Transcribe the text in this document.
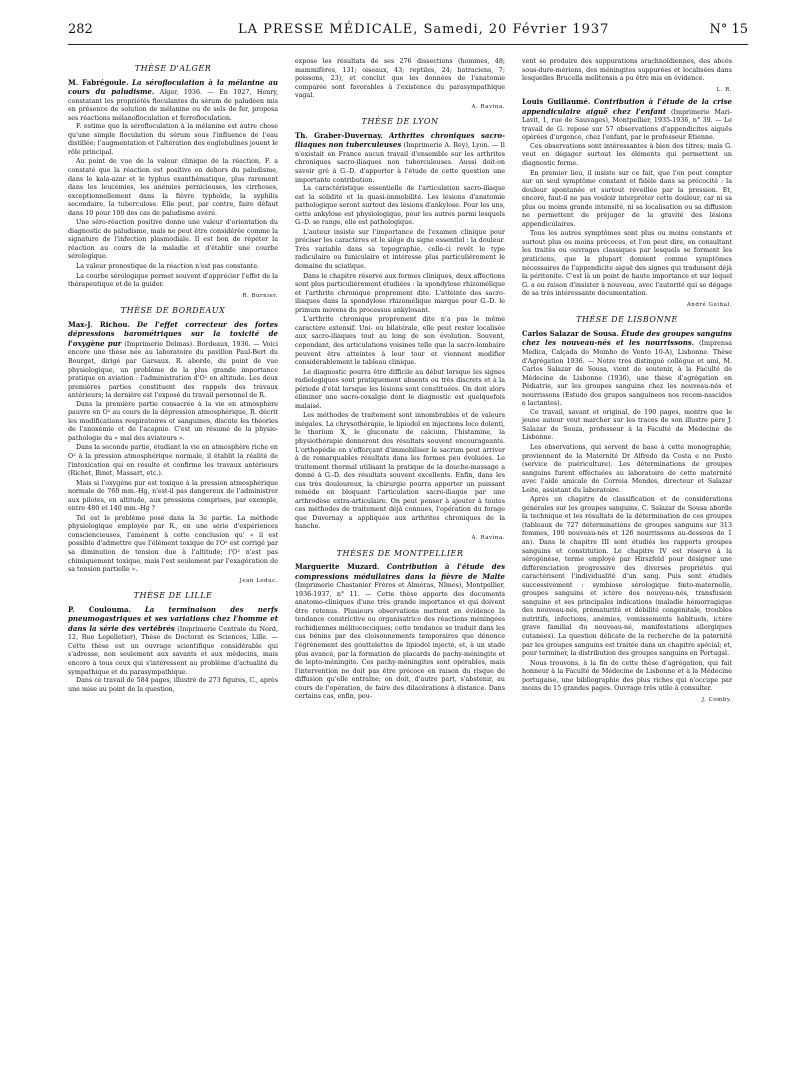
282	LA PRESSE MÉDICALE, Samedi, 20 Février 1937	N° 15
THÈSE D'ALGER

M. Fabrégoule. La sérofloculation à la mélanine au cours du paludisme. Alger, 1936. — En 1927, Henry, constatant les propriétés floculantes du sérum de paludéen mis en présence de solution de mélanine ou de sels de fer, proposa ses réactions mélanofloculation et ferrofloculation.

F. estime que la sérofloculation à la mélanine est autre chose qu'une simple floculation du sérum sous l'influence de l'eau distillée; l'augmentation et l'altération des euglobulines jouent le rôle principal.

Au point de vue de la valeur clinique de la réaction, F. a constaté que la réaction est positive en dehors du paludisme, dans le kala-azar et le typhus exanthématique, plus rarement dans les leucémies, les anémies pernicieuses, les cirrhoses, exceptionnellement dans la fièvre typhoïde, la syphilis secondaire, la tuberculose. Elle peut, par contre, faire défaut dans 10 pour 100 des cas de paludisme avéré.

Une séro-réaction positive donne une valeur d'orientation du diagnostic de paludisme, mais ne peut être considérée comme la signature de l'infection plasmodiale. Il est bon de répéter la réaction au cours de la maladie et d'établir une courbe sérologique.

La valeur pronostique de la réaction n'est pas constante.

La courbe sérologique permet souvent d'apprécier l'effet de la thérapeutique et de la guider.

R. Burnier.
THÈSE DE BORDEAUX

Max-J. Richou. De l'effet correcteur des fortes dépressions barométriques sur la toxicité de l'oxygène pur (Imprimerie Delmas). Bordeaux, 1936. — Voici encore une thèse née au laboratoire du pavillon Paul-Bert du Bourget, dirigé par Garsaux. R. aborde, du point de vue physiologique, un problème de la plus grande importance pratique en aviation : l'administration d'O² en altitude. Les deux premières parties constituent des rappels des travaux antérieurs; la dernière est l'exposé du travail personnel de R.

Dans la première partie consacrée à la vie en atmosphère pauvre en O² au cours de la dépression atmosphérique, R. décrit les modifications respiratoires et sanguines, discute les théories de l'anoxémie et de l'acapnie. C'est un résumé de la physio-pathologie du « mal des aviateurs ».

Dans la seconde partie, étudiant la vie en atmosphère riche en O² à la pression atmosphérique normale, il établit la réalité de l'intoxication qui en résulte et confirme les travaux antérieurs (Richet, Binet, Massart, etc.).

Mais si l'oxygène pur est toxique à la pression atmosphérique normale de 760 mm.-Hg, n'est-il pas dangereux de l'administrer aux pilotes, en altitude, aux pressions comprises, par exemple, entre 480 et 140 mm.-Hg ?

Tel est le problème posé dans la 3e partie. La méthode physiologique employée par R., en une série d'expériences consciencieuses, l'amènent à cette conclusion qu' « il est possible d'admettre que l'élément toxique de l'O² est corrigé par sa diminution de tension due à l'altitude; l'O² n'est pas chimiquement toxique, mais l'est seulement par l'exagération de sa tension partielle ».

Jean Leduc.
THÈSE DE LILLE

P. Coulouma. La terminaison des nerfs pneumogastriques et ses variations chez l'homme et dans la série des vertébrés (Imprimerie Centrale du Nord, 12, Rue Lepelletier), Thèse de Doctorat ès Sciences, Lille. — Cette thèse est un ouvrage scientifique considérable qui s'adresse, non seulement aux savants et aux médecins, mais encore à tous ceux qui s'intéressent au problème d'actualité du sympathique et du parasympathique.

Dans ce travail de 584 pages, illustré de 273 figures, C., après une mise au point de la question,

expose les résultats de ses 276 dissections (hommes, 48; mammifères, 131; oiseaux, 43; reptiles, 24; batraciens, 7; poissons, 23), et conclut que les données de l'anatomie comparée sont favorables à l'existence du parasympathique vagal.

A. Ravina.
THÈSE DE LYON

Th. Graber-Duvernay. Arthrites chroniques sacro-iliaques non tuberculeuses (Imprimerie A. Rey), Lyon. — Il n'existait en France aucun travail d'ensemble sur les arthrites chroniques sacro-iliaques non tuberculeuses. Aussi doit-on savoir gré à G.-D. d'apporter à l'étude de cette question une importante contribution.

La caractéristique essentielle de l'articulation sacro-iliaque est la solidité et la quasi-immobilité. Les lésions d'anatomie pathologique seront surtout des lésions d'ankylose. Pour les uns, cette ankylose est physiologique, pour les autres parmi lesquels G.-D. se range, elle est pathologique.

L'auteur insiste sur l'importance de l'examen clinique pour préciser les caractères et le siège du signe essentiel : la douleur. Très variable dans sa topographie, celle-ci revêt le type radiculaire ou funiculaire et intéresse plus particulièrement le domaine du sciatique.

Dans le chapitre réservé aux formes cliniques, deux affections sont plus particulièrement étudiées : la spondylose rhizomélique et l'arthrite chronique proprement dite. L'atteinte des sacro-iliaques dans la spondylose rhizomélique marque pour G.-D. le primum movens du processus ankylosant.

L'arthrite chronique proprement dite n'a pas le même caractère extensif. Uni- ou bilatérale, elle peut rester localisée aux sacro-iliaques tout au long de son évolution. Souvent, cependant, des articulations voisines telle que la sacro-lombaire peuvent être atteintes à leur tour et viennent modifier considérablement le tableau clinique.

Le diagnostic pourra être difficile au début lorsque les signes radiologiques sont pratiquement absents ou très discrets et à la période d'état lorsque les lésions sont constituées. On doit alors éliminer une sacro-coxalgie dont le diagnostic est quelquefois malaisé.

Les méthodes de traitement sont innombrables et de valeurs inégales. La chrysothérapie, le lipiodol en injections loco dolenti, le thorium X, le gluconate de calcium, l'histamine, la physiothérapie donneront des résultats souvent encourageants. L'orthopédie en s'efforçant d'immobiliser le sacrum peut arriver à de remarquables résultats dans les formes peu évoluées. Le traitement thermal utilisant la pratique de la douche-massage a donné à G.-D. des résultats souvent excellents. Enfin, dans les cas très douloureux, la chirurgie pourra apporter un puissant remède en bloquant l'articulation sacro-iliaque par une arthrodèse extra-articulaire. On peut penser à ajouter à toutes ces méthodes de traitement déjà connues, l'opération du forage que Duvernay a appliquée aux arthrites chroniques de la hanche.

A. Ravina.
THÈSES DE MONTPELLIER

Marguerite Muzard. Contribution à l'étude des compressions médullaires dans la fièvre de Malte (Imprimerie Chastanier Frères et Alméras, Nîmes), Montpellier, 1936-1937, n° 11. — Cette thèse apporte des documents anatomo-cliniques d'une très grande importance et qui doivent être retenus. Plusieurs observations mettent en évidence la tendance constrictive ou organisatrice des réactions méningées rachidiennes mélitococciques; cette tendance se traduit dans les cas bénins par des cloisonnements temporaires que dénonce l'égrènement des gouttelettes de lipiodol injecté, et, à un stade plus avancé, par la formation de placards de pachy-méningite et de lepto-méningite. Ces pachy-méningites sont opérables, mais l'intervention ne doit pas être précoce en raison du risque de diffusion qu'elle entraîne; on doit, d'autre part, s'abstenir, au cours de l'opération, de faire des dilacérations à distance. Dans certains cas, enfin, peu-

vent se produire des suppurations arachnoïdiennes, des abcès sous-dure-mériens, des méningites suppurées et localisées dans lesquelles Brucella melitensis a pu être mis en évidence.

L. R.

Louis Guillaumé. Contribution à l'étude de la crise appendiculaire aiguë chez l'enfant (Imprimerie Mari-Lavit, 1, rue de Sauvages), Montpellier, 1935-1936, n° 39. — Le travail de G. repose sur 57 observations d'appendicites aiguës opérées d'urgence, chez l'enfant, par le professeur Etienne.

Ces observations sont intéressantes à bien des titres; mais G. veut en dégager surtout les éléments qui permettent un diagnostic ferme.

En premier lieu, il insiste sur ce fait, que l'on peut compter sur un seul symptôme constant et fidèle dans sa précocité : la douleur spontanée et surtout réveillée par la pression. Et, encore, faut-il ne pas vouloir interpréter cette douleur, car ni sa plus ou moins grande intensité, ni sa localisation ou sa diffusion ne permettent de préjuger de la gravité des lésions appendiculaires.

Tous les autres symptômes sont plus ou moins constants et surtout plus ou moins précoces, et l'on peut dire, en consultant les traités ou ouvrages classiques par lesquels se forment les praticiens, que la plupart donnent comme symptômes nécessaires de l'appendicite aiguë des signes qui traduisent déjà la péritonite. C'est là un point de haute importance et sur lequel G. a eu raison d'insister à nouveau, avec l'autorité qui se dégage de sa très intéressante documentation.

André Guibal.
THÈSE DE LISBONNE

Carlos Salazar de Sousa. Étude des groupes sanguins chez les nouveau-nés et les nourrissons. (Imprensa Medica, Calçada do Moinho do Vento 10-A), Lisbonne. Thèse d'Agrégation 1936. — Notre très distingué collègue et ami, M. Carlos Salazar de Sousa, vient de soutenir, à la Faculté de Médecine de Lisbonne (1936), une thèse d'agrégation en Pédiatrie, sur les groupes sanguins chez les nouveau-nés et nourrissons (Estudo dos grupos sanguíneos nos recem-nascidos e lactantes).

Ce travail, savant et original, de 190 pages, montre que le jeune auteur veut marcher sur les traces de son illustre père J. Salazar de Souza, professeur à la Faculté de Médecine de Lisbonne.

Les observations, qui servent de base à cette monographie, proviennent de la Maternité Dr Alfredo da Costa e no Posto (service de puériculture). Les déterminations de groupes sanguins furent effectuées au laboratoire de cette maternité avec l'aide amicale de Correia Mendes, directeur et Salazar Leite, assistant du laboratoire.

Après un chapitre de classification et de considérations générales sur les groupes sanguins, C. Salazar de Sousa aborde la technique et les résultats de la détermination de ces groupes (tableaux de 727 déterminations de groupes sanguins sur 313 femmes, 190 nouveau-nés et 126 nourrissons au-dessous de 1 an). Dans le chapitre III sont étudiés les rapports groupes sanguins et constitution. Le chapitre IV est réservé à la sérogénèse, terme employé par Hirszfeld pour désigner une différenciation progressive des diverses propriétés qui caractérisent l'individualité d'un sang. Puis sont étudiés successivement : symbiose sérologique fœto-maternelle, groupes sanguins et ictère des nouveau-nés, transfusion sanguine et ses principales indications (maladie hémorragique des nouveau-nés, prématurité et débilité congénitale, troubles nutritifs, infections, anémies, vomissements habituels, ictère grave familial du nouveau-né, manifestations allergiques cutanées). La question délicate de la recherche de la paternité par les groupes sanguins est traitée dans un chapitre spécial; et, pour terminer, la distribution des groupes sanguins en Portugal.

Nous trouvons, à la fin de cette thèse d'agrégation, qui fait honneur à la Faculté de Médecine de Lisbonne et à la Médecine portugaise, une bibliographie des plus riches qui n'occupe par moins de 15 grandes pages. Ouvrage très utile à consulter.

J. Comby.
